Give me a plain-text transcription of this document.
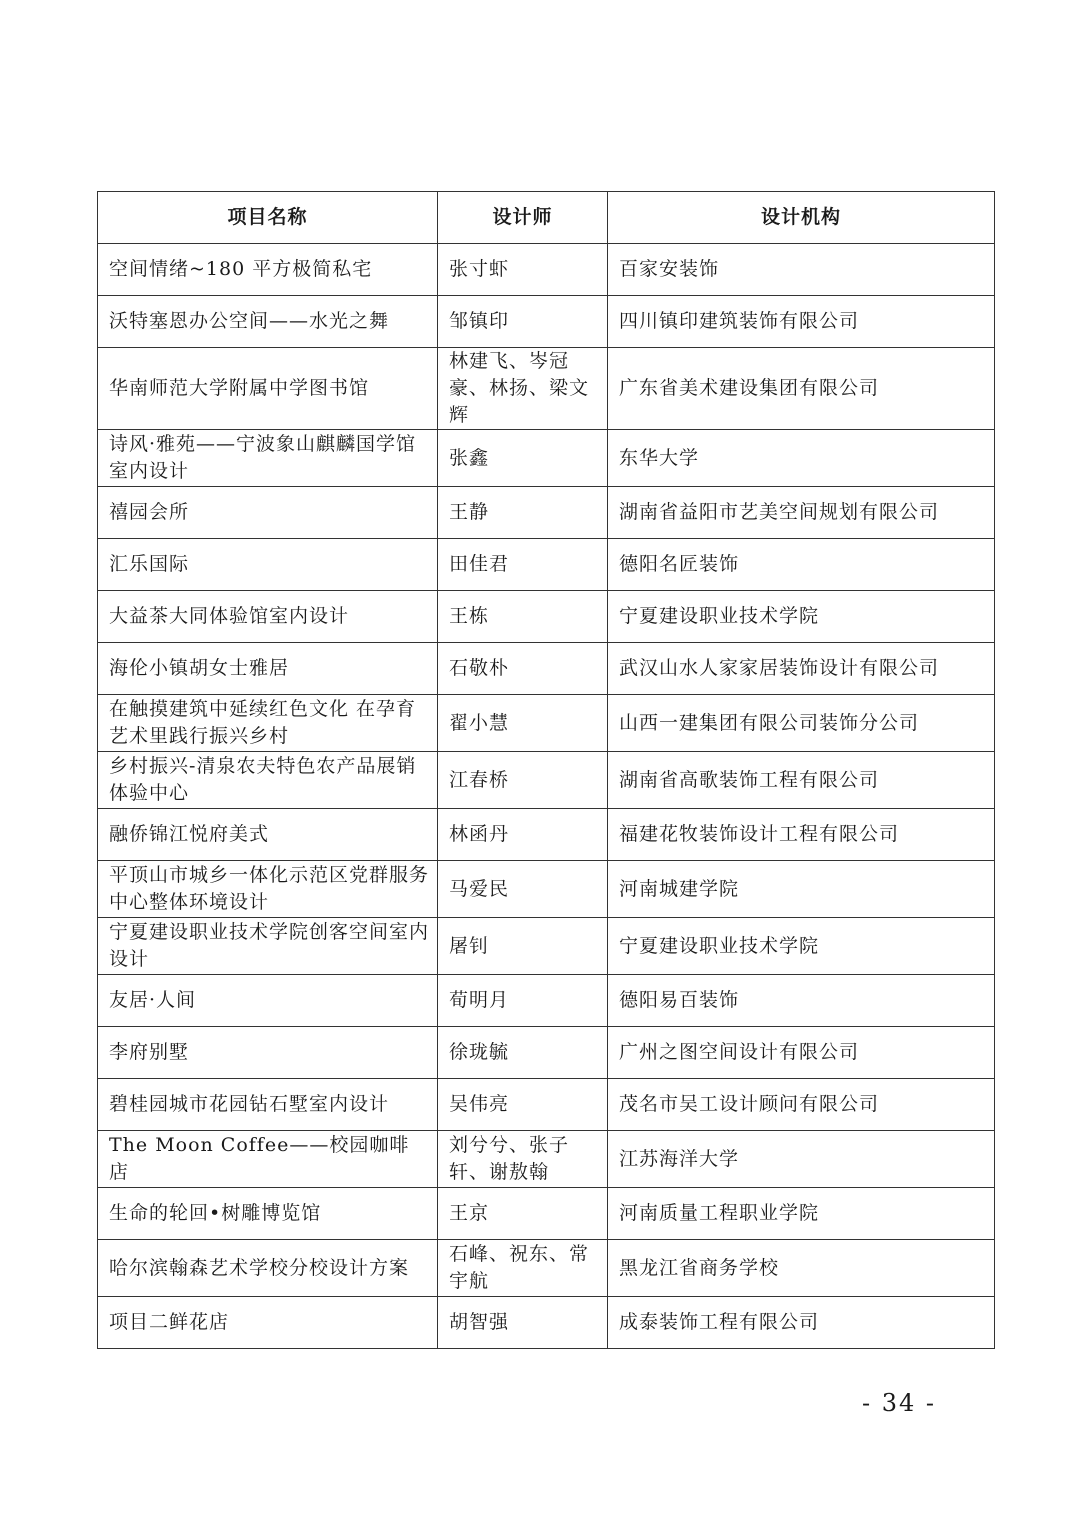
项目名称	设计师	设计机构
空间情绪~180 平方极简私宅	张寸虾	百家安装饰
沃特塞恩办公空间——水光之舞	邹镇印	四川镇印建筑装饰有限公司
华南师范大学附属中学图书馆	林建飞、岑冠豪、林扬、梁文辉	广东省美术建设集团有限公司
诗风·雅苑——宁波象山麒麟国学馆室内设计	张鑫	东华大学
禧园会所	王静	湖南省益阳市艺美空间规划有限公司
汇乐国际	田佳君	德阳名匠装饰
大益茶大同体验馆室内设计	王栋	宁夏建设职业技术学院
海伦小镇胡女士雅居	石敬朴	武汉山水人家家居装饰设计有限公司
在触摸建筑中延续红色文化 在孕育艺术里践行振兴乡村	翟小慧	山西一建集团有限公司装饰分公司
乡村振兴-清泉农夫特色农产品展销体验中心	江春桥	湖南省高歌装饰工程有限公司
融侨锦江悦府美式	林函丹	福建花牧装饰设计工程有限公司
平顶山市城乡一体化示范区党群服务中心整体环境设计	马爱民	河南城建学院
宁夏建设职业技术学院创客空间室内设计	屠钊	宁夏建设职业技术学院
友居·人间	荀明月	德阳易百装饰
李府别墅	徐珑毓	广州之图空间设计有限公司
碧桂园城市花园钻石墅室内设计	吴伟亮	茂名市吴工设计顾问有限公司
The Moon Coffee——校园咖啡店	刘兮兮、张子轩、谢敖翰	江苏海洋大学
生命的轮回•树雕博览馆	王京	河南质量工程职业学院
哈尔滨翰森艺术学校分校设计方案	石峰、祝东、常宇航	黑龙江省商务学校
项目二鲜花店	胡智强	成泰装饰工程有限公司
- 34 -
